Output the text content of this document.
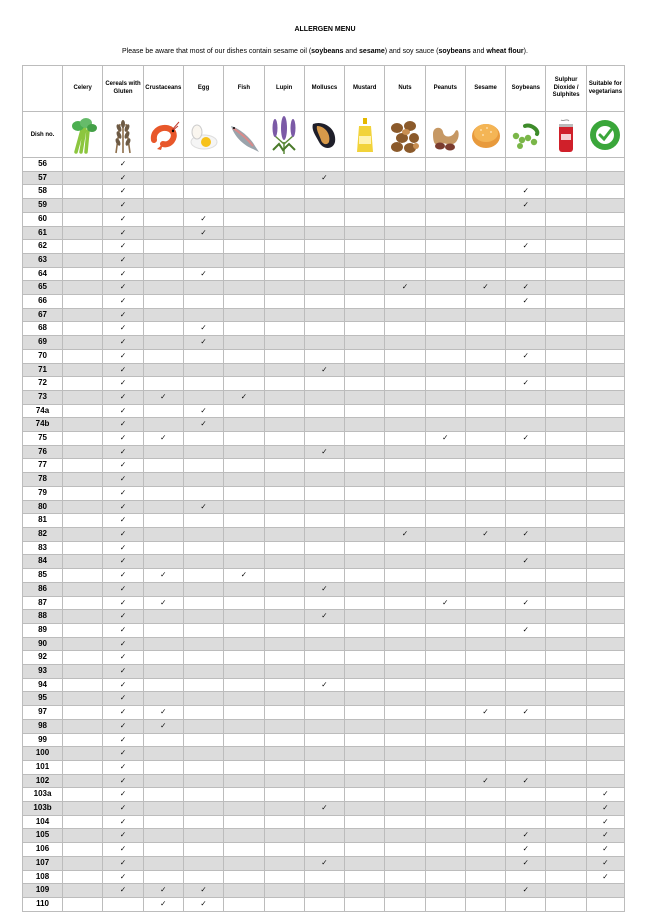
ALLERGEN MENU
Please be aware that most of our dishes contain sesame oil (soybeans and sesame) and soy sauce (soybeans and wheat flour).
	Celery	Cereals with Gluten	Crustaceans	Egg	Fish	Lupin	Molluscs	Mustard	Nuts	Peanuts	Sesame	Soybeans	Sulphur Dioxide / Sulphites	Suitable for vegetarians
Dish no.	

56		✓												
57		✓					✓							
58		✓										✓		
59		✓										✓		
60		✓		✓										
61		✓		✓										
62		✓										✓		
63		✓												
64		✓		✓										
65		✓							✓		✓	✓		
66		✓										✓		
67		✓												
68		✓		✓										
69		✓		✓										
70		✓										✓		
71		✓					✓							
72		✓										✓		
73		✓	✓		✓									
74a		✓		✓										
74b		✓		✓										
75		✓	✓							✓		✓		
76		✓					✓							
77		✓												
78		✓												
79		✓												
80		✓		✓										
81		✓												
82		✓							✓		✓	✓		
83		✓												
84		✓										✓		
85		✓	✓		✓									
86		✓					✓							
87		✓	✓							✓		✓		
88		✓					✓							
89		✓										✓		
90		✓												
92		✓												
93		✓												
94		✓					✓							
95		✓												
97		✓	✓								✓	✓		
98		✓	✓											
99		✓												
100		✓												
101		✓												
102		✓									✓	✓		
103a		✓												✓
103b		✓					✓							✓
104		✓												✓
105		✓										✓		✓
106		✓										✓		✓
107		✓					✓					✓		✓
108		✓												✓
109		✓	✓	✓								✓		
110			✓	✓										
